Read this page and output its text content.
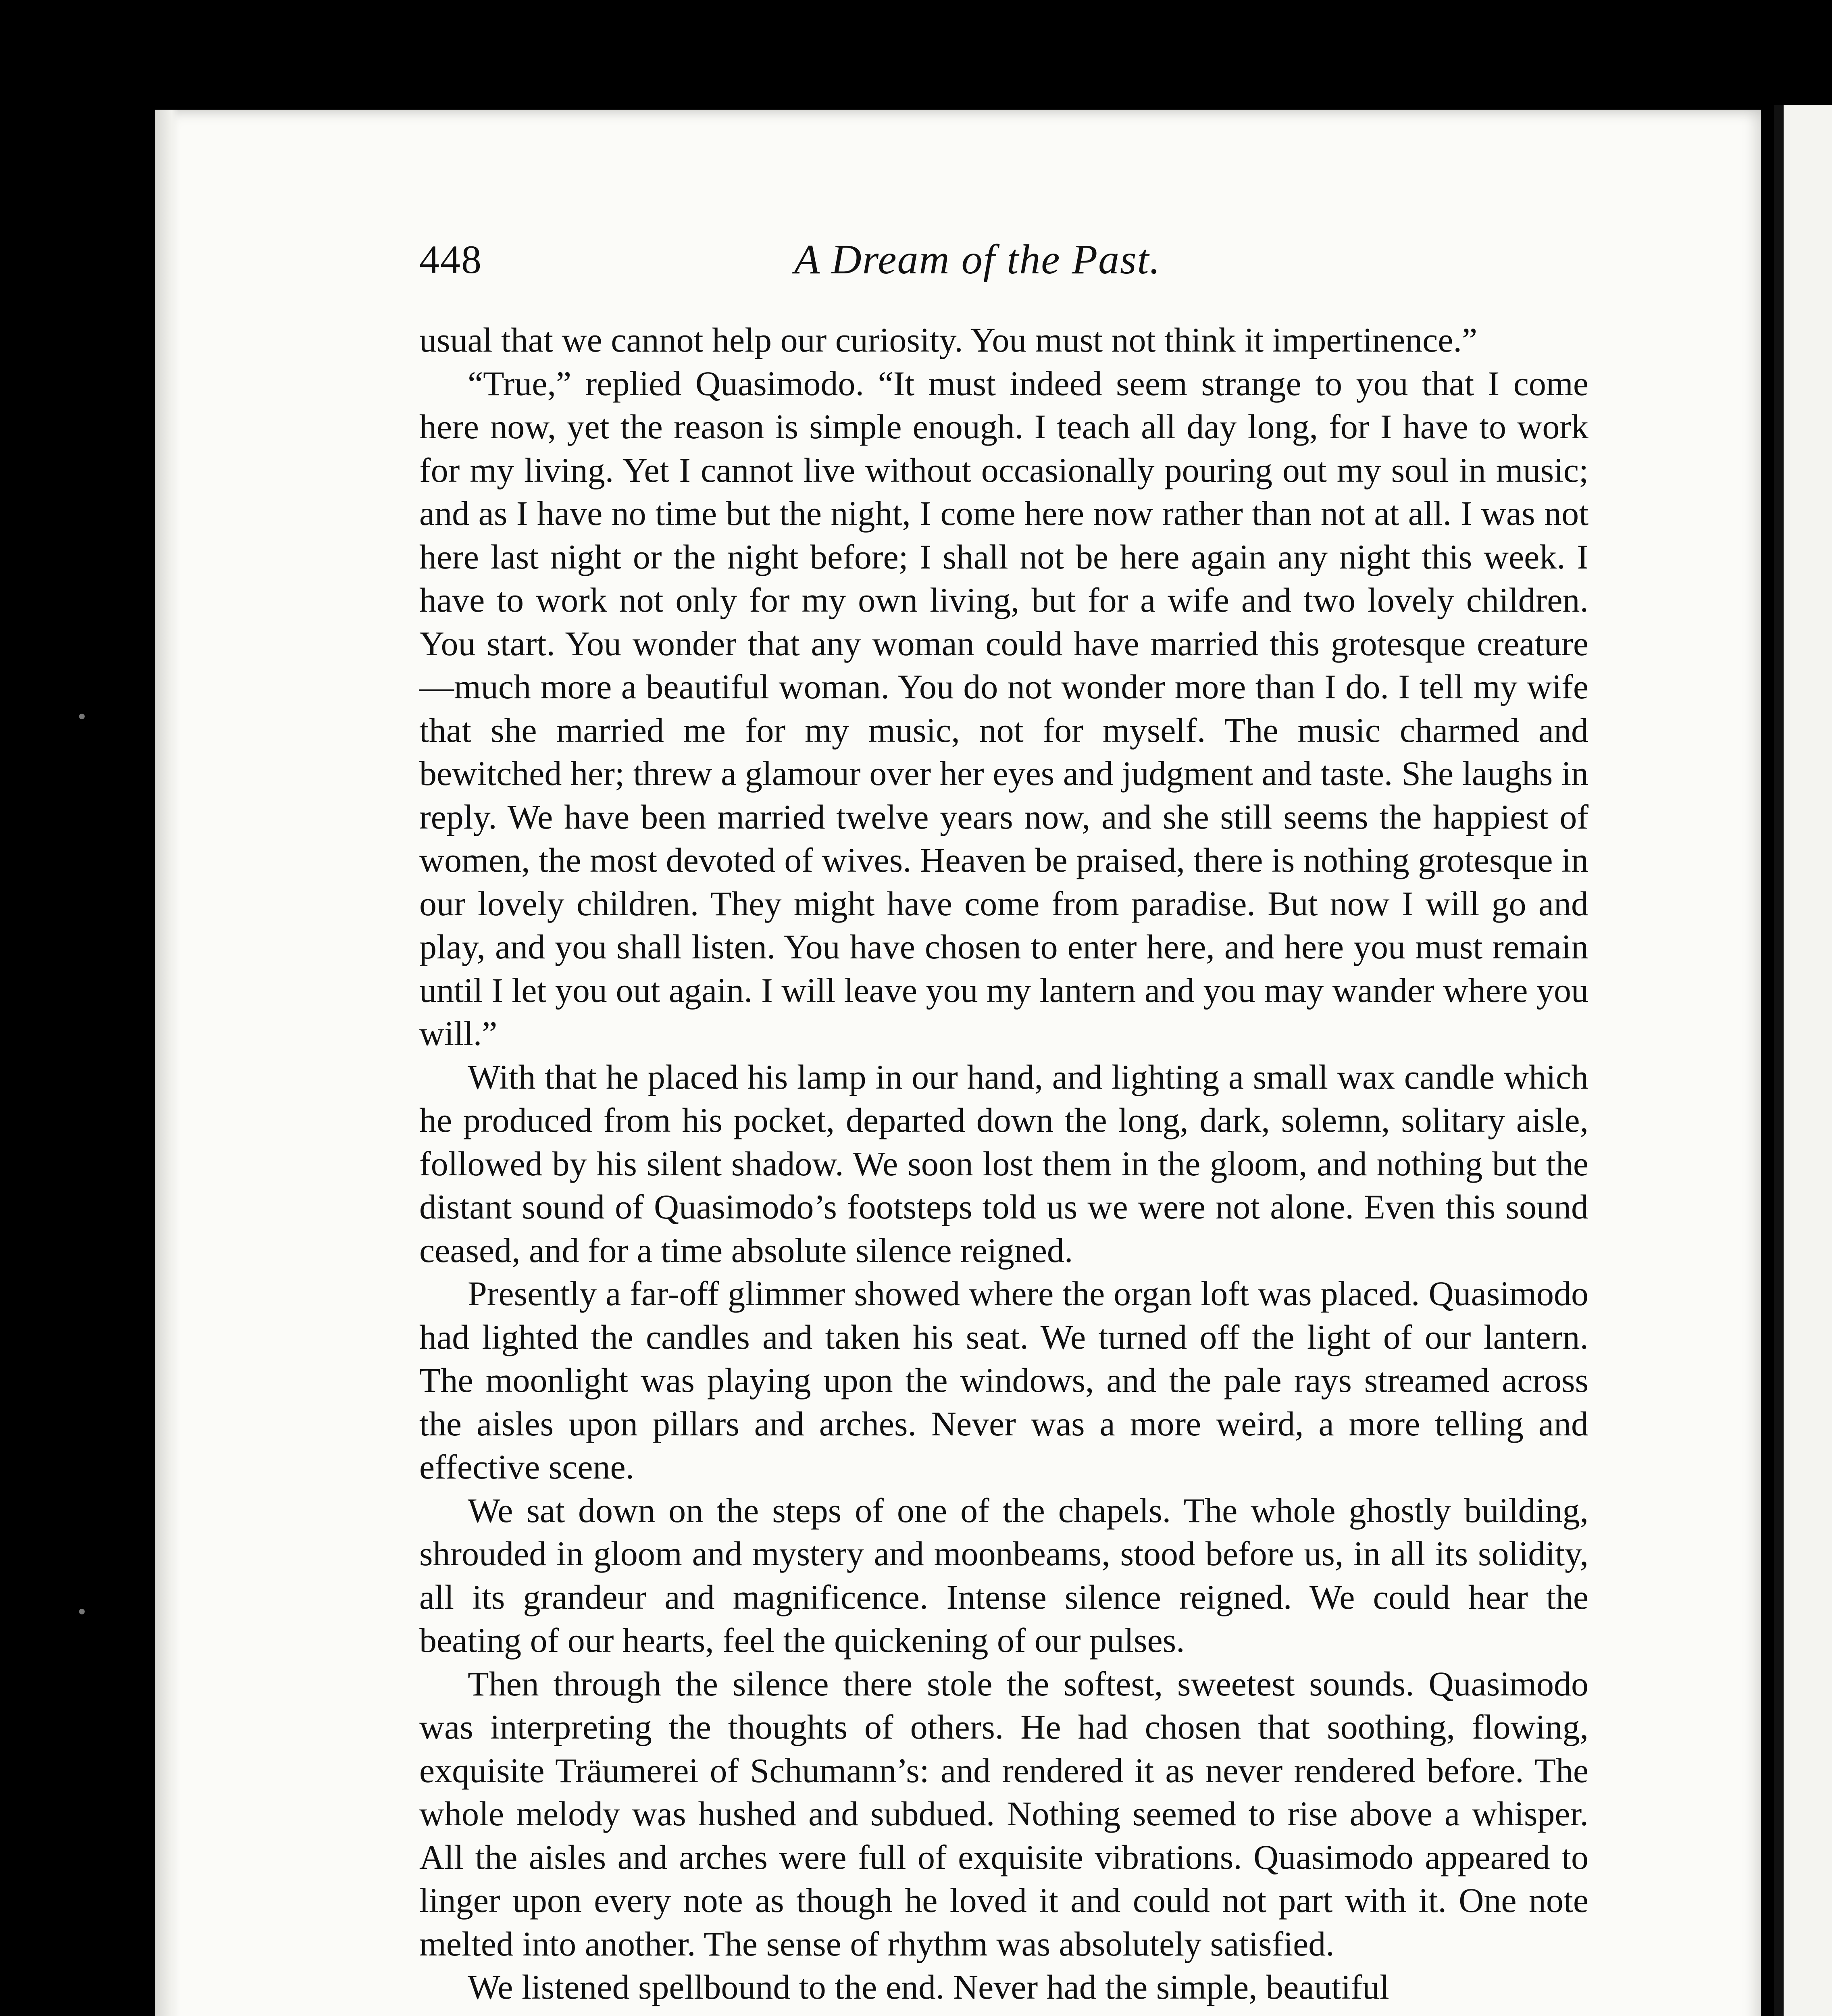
448	A Dream of the Past.

usual that we cannot help our curiosity. You must not think it impertinence.”

“True,” replied Quasimodo. “It must indeed seem strange to you that I come here now, yet the reason is simple enough. I teach all day long, for I have to work for my living. Yet I cannot live without occasionally pouring out my soul in music; and as I have no time but the night, I come here now rather than not at all. I was not here last night or the night before; I shall not be here again any night this week. I have to work not only for my own living, but for a wife and two lovely children. You start. You wonder that any woman could have married this grotesque creature—much more a beautiful woman. You do not wonder more than I do. I tell my wife that she married me for my music, not for myself. The music charmed and bewitched her; threw a glamour over her eyes and judgment and taste. She laughs in reply. We have been married twelve years now, and she still seems the happiest of women, the most devoted of wives. Heaven be praised, there is nothing grotesque in our lovely children. They might have come from paradise. But now I will go and play, and you shall listen. You have chosen to enter here, and here you must remain until I let you out again. I will leave you my lantern and you may wander where you will.”

With that he placed his lamp in our hand, and lighting a small wax candle which he produced from his pocket, departed down the long, dark, solemn, solitary aisle, followed by his silent shadow. We soon lost them in the gloom, and nothing but the distant sound of Quasimodo’s footsteps told us we were not alone. Even this sound ceased, and for a time absolute silence reigned.

Presently a far-off glimmer showed where the organ loft was placed. Quasimodo had lighted the candles and taken his seat. We turned off the light of our lantern. The moonlight was playing upon the windows, and the pale rays streamed across the aisles upon pillars and arches. Never was a more weird, a more telling and effective scene.

We sat down on the steps of one of the chapels. The whole ghostly building, shrouded in gloom and mystery and moonbeams, stood before us, in all its solidity, all its grandeur and magnificence. Intense silence reigned. We could hear the beating of our hearts, feel the quickening of our pulses.

Then through the silence there stole the softest, sweetest sounds. Quasimodo was interpreting the thoughts of others. He had chosen that soothing, flowing, exquisite Träumerei of Schumann’s: and rendered it as never rendered before. The whole melody was hushed and subdued. Nothing seemed to rise above a whisper. All the aisles and arches were full of exquisite vibrations. Quasimodo appeared to linger upon every note as though he loved it and could not part with it. One note melted into another. The sense of rhythm was absolutely satisfied.

We listened spellbound to the end. Never had the simple, beautiful
